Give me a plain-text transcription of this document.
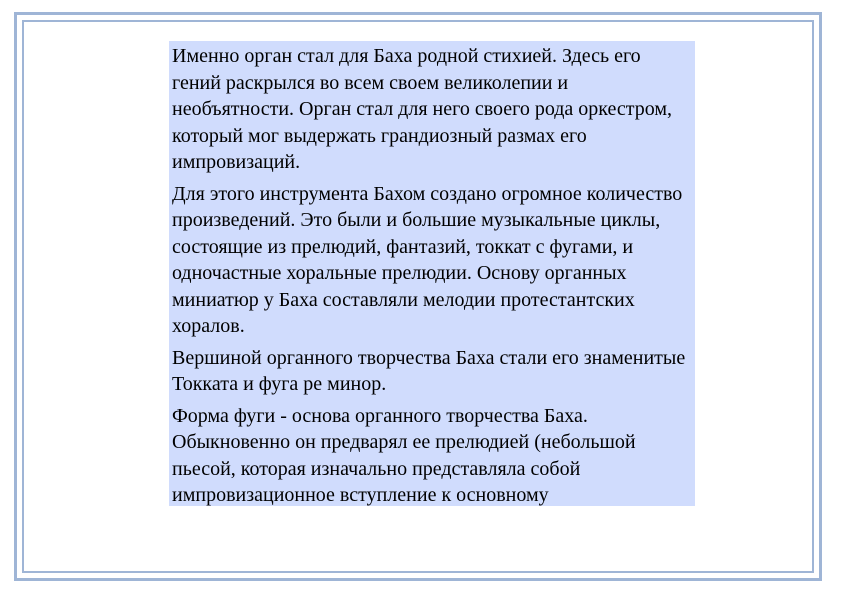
Именно орган стал для Баха родной стихией. Здесь его гений раскрылся во всем своем великолепии и необъятности. Орган стал для него своего рода оркестром, который мог выдержать грандиозный размах его импровизаций.

Для этого инструмента Бахом создано огромное количество произведений. Это были и большие музыкальные циклы, состоящие из прелюдий, фантазий, токкат с фугами, и одночастные хоральные прелюдии. Основу органных миниатюр у Баха составляли мелодии протестантских хоралов.

Вершиной органного творчества Баха стали его знаменитые Токката и фуга ре минор.

Форма фуги - основа органного творчества Баха. Обыкновенно он предварял ее прелюдией (небольшой пьесой, которая изначально представляла собой импровизационное вступление к основному
